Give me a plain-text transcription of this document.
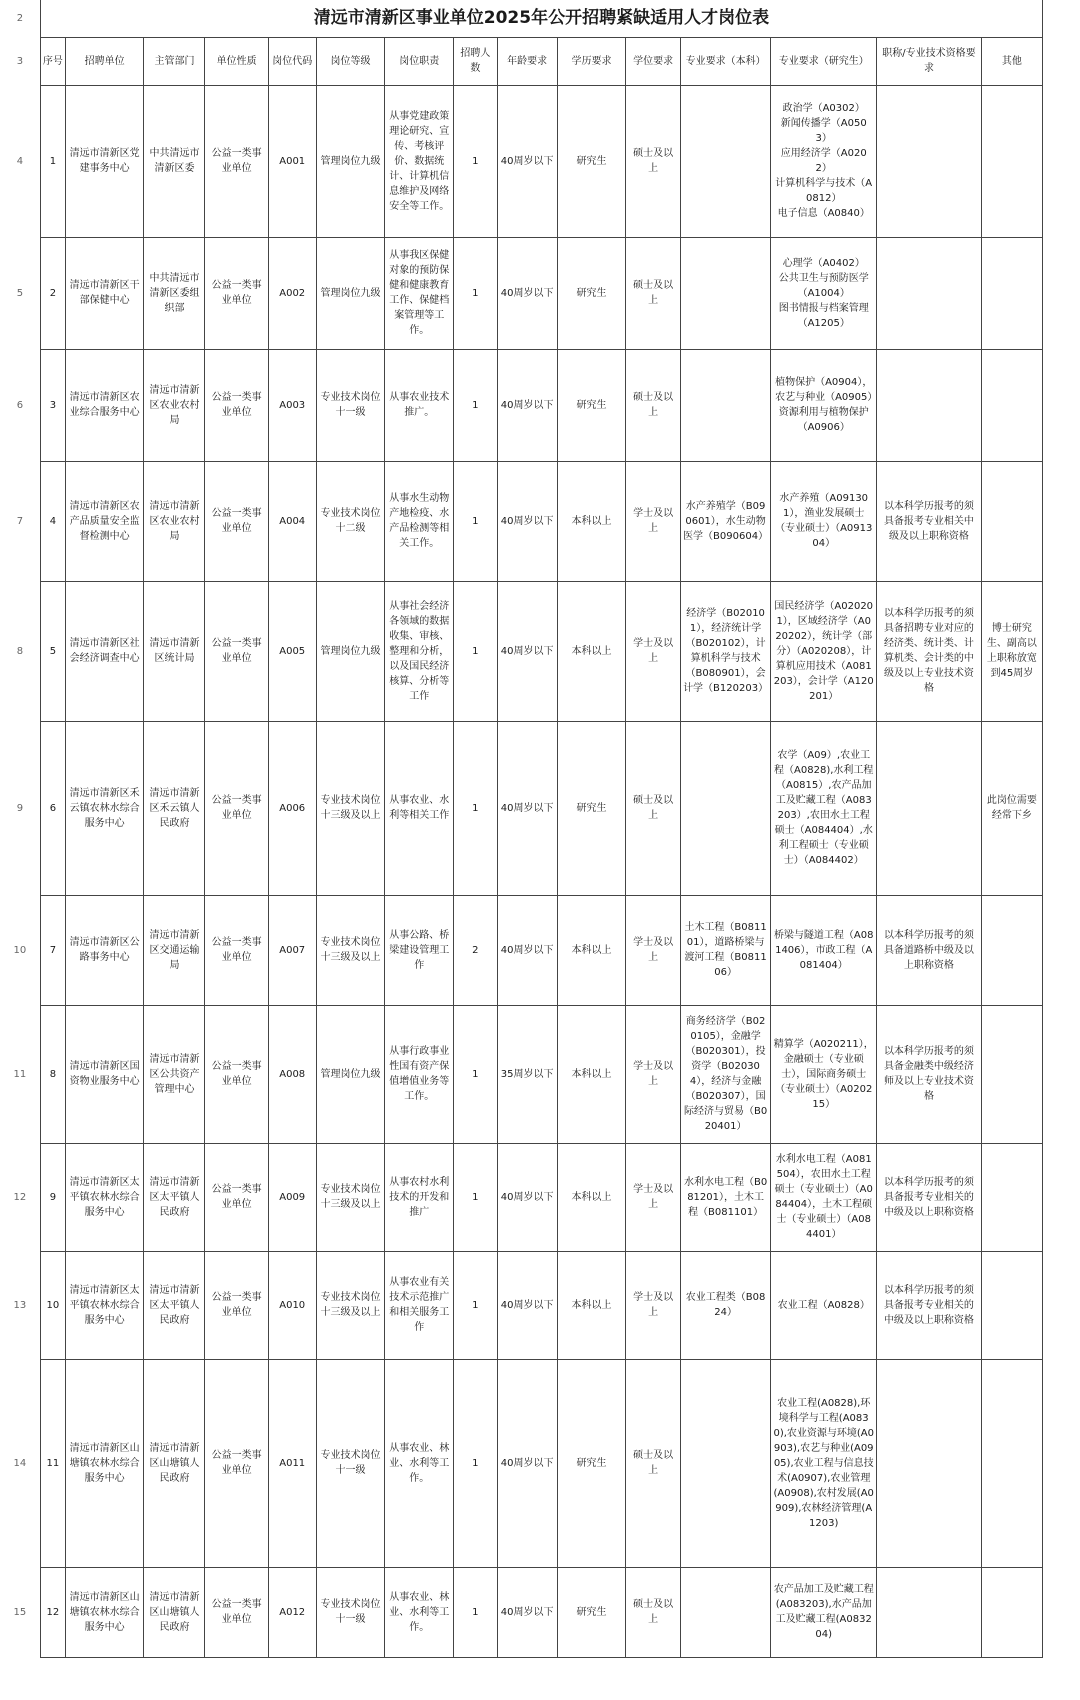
2	清远市清新区事业单位2025年公开招聘紧缺适用人才岗位表														
3	序号	招聘单位	主管部门	单位性质	岗位代码	岗位等级	岗位职责	招聘人数	年龄要求	学历要求	学位要求	专业要求（本科）	专业要求（研究生）	职称/专业技术资格要求	其他
4	1	清远市清新区党建事务中心	中共清远市清新区委	公益一类事业单位	A001	管理岗位九级	从事党建政策理论研究、宣传、考核评价、数据统计、计算机信息维护及网络安全等工作。	1	40周岁以下	研究生	硕士及以上		政治学（A0302）
新闻传播学（A0503）
应用经济学（A0202）
计算机科学与技术（A0812）
电子信息（A0840）		
5	2	清远市清新区干部保健中心	中共清远市清新区委组织部	公益一类事业单位	A002	管理岗位九级	从事我区保健对象的预防保健和健康教育工作、保健档案管理等工作。	1	40周岁以下	研究生	硕士及以上		心理学（A0402）
公共卫生与预防医学（A1004）
图书情报与档案管理（A1205）		
6	3	清远市清新区农业综合服务中心	清远市清新区农业农村局	公益一类事业单位	A003	专业技术岗位十一级	从事农业技术推广。	1	40周岁以下	研究生	硕士及以上		植物保护（A0904），农艺与种业（A0905）资源利用与植物保护（A0906）		
7	4	清远市清新区农产品质量安全监督检测中心	清远市清新区农业农村局	公益一类事业单位	A004	专业技术岗位十二级	从事水生动物产地检疫、水产品检测等相关工作。	1	40周岁以下	本科以上	学士及以上	水产养殖学（B090601），水生动物医学（B090604）	水产养殖（A091301），渔业发展硕士（专业硕士）（A091304）	以本科学历报考的须具备报考专业相关中级及以上职称资格	
8	5	清远市清新区社会经济调查中心	清远市清新区统计局	公益一类事业单位	A005	管理岗位九级	从事社会经济各领域的数据收集、审核、整理和分析，以及国民经济核算、分析等工作	1	40周岁以下	本科以上	学士及以上	经济学（B020101），经济统计学（B020102），计算机科学与技术（B080901），会计学（B120203）	国民经济学（A020201），区域经济学（A020202），统计学（部分）（A020208），计算机应用技术（A081203），会计学（A120201）	以本科学历报考的须具备招聘专业对应的经济类、统计类、计算机类、会计类的中级及以上专业技术资格	博士研究生、副高以上职称放宽到45周岁
9	6	清远市清新区禾云镇农林水综合服务中心	清远市清新区禾云镇人民政府	公益一类事业单位	A006	专业技术岗位十三级及以上	从事农业、水利等相关工作	1	40周岁以下	研究生	硕士及以上		农学（A09）,农业工程（A0828),水利工程（A0815）,农产品加工及贮藏工程（A083203）,农田水土工程硕士（A084404）,水利工程硕士（专业硕士）（A084402）		此岗位需要经常下乡
10	7	清远市清新区公路事务中心	清远市清新区交通运输局	公益一类事业单位	A007	专业技术岗位十三级及以上	从事公路、桥梁建设管理工作	2	40周岁以下	本科以上	学士及以上	土木工程（B081101），道路桥梁与渡河工程（B081106）	桥梁与隧道工程（A081406），市政工程（A081404）	以本科学历报考的须具备道路桥中级及以上职称资格	
11	8	清远市清新区国资物业服务中心	清远市清新区公共资产管理中心	公益一类事业单位	A008	管理岗位九级	从事行政事业性国有资产保值增值业务等工作。	1	35周岁以下	本科以上	学士及以上	商务经济学（B020105），金融学（B020301），投资学（B020304），经济与金融（B020307），国际经济与贸易（B020401）	精算学（A020211），金融硕士（专业硕士），国际商务硕士（专业硕士）（A020215）	以本科学历报考的须具备金融类中级经济师及以上专业技术资格	
12	9	清远市清新区太平镇农林水综合服务中心	清远市清新区太平镇人民政府	公益一类事业单位	A009	专业技术岗位十三级及以上	从事农村水利技术的开发和推广	1	40周岁以下	本科以上	学士及以上	水利水电工程（B081201），土木工程（B081101）	水利水电工程（A081504），农田水土工程硕士（专业硕士）（A084404），土木工程硕士（专业硕士）（A084401）	以本科学历报考的须具备报考专业相关的中级及以上职称资格	
13	10	清远市清新区太平镇农林水综合服务中心	清远市清新区太平镇人民政府	公益一类事业单位	A010	专业技术岗位十三级及以上	从事农业有关技术示范推广和相关服务工作	1	40周岁以下	本科以上	学士及以上	农业工程类（B0824）	农业工程（A0828）	以本科学历报考的须具备报考专业相关的中级及以上职称资格	
14	11	清远市清新区山塘镇农林水综合服务中心	清远市清新区山塘镇人民政府	公益一类事业单位	A011	专业技术岗位十一级	从事农业、林业、水利等工作。	1	40周岁以下	研究生	硕士及以上		农业工程(A0828),环境科学与工程(A0830),农业资源与环境(A0903),农艺与种业(A0905),农业工程与信息技术(A0907),农业管理(A0908),农村发展(A0909),农林经济管理(A1203)		
15	12	清远市清新区山塘镇农林水综合服务中心	清远市清新区山塘镇人民政府	公益一类事业单位	A012	专业技术岗位十一级	从事农业、林业、水利等工作。	1	40周岁以下	研究生	硕士及以上		农产品加工及贮藏工程(A083203),水产品加工及贮藏工程(A083204)		
